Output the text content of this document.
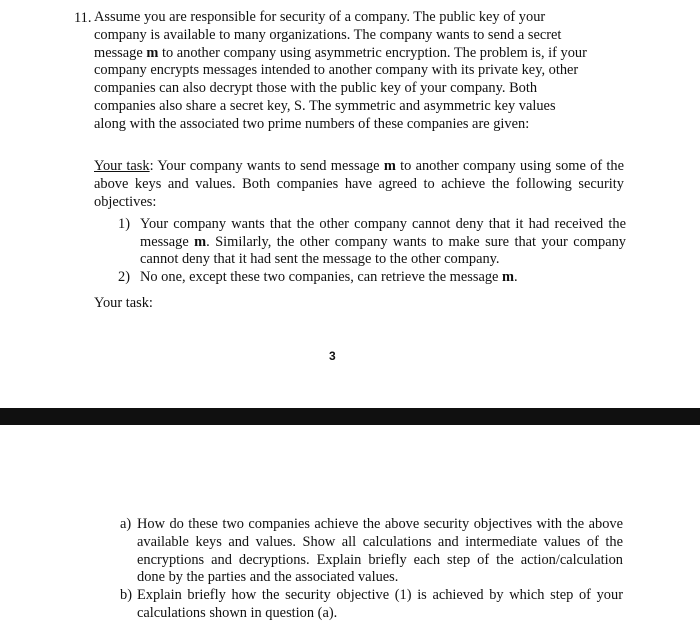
11. Assume you are responsible for security of a company. The public key of your
company is available to many organizations. The company wants to send a secret
message m to another company using asymmetric encryption. The problem is, if your
company encrypts messages intended to another company with its private key, other
companies can also decrypt those with the public key of your company. Both
companies also share a secret key, S. The symmetric and asymmetric key values
along with the associated two prime numbers of these companies are given:

Your task: Your company wants to send message m to another company using some of the above keys and values. Both companies have agreed to achieve the following security objectives:

1) Your company wants that the other company cannot deny that it had received the message m. Similarly, the other company wants to make sure that your company cannot deny that it had sent the message to the other company.
2) No one, except these two companies, can retrieve the message m.
Your task:
3
a) How do these two companies achieve the above security objectives with the above available keys and values. Show all calculations and intermediate values of the encryptions and decryptions. Explain briefly each step of the action/calculation done by the parties and the associated values.
b) Explain briefly how the security objective (1) is achieved by which step of your calculations shown in question (a).
